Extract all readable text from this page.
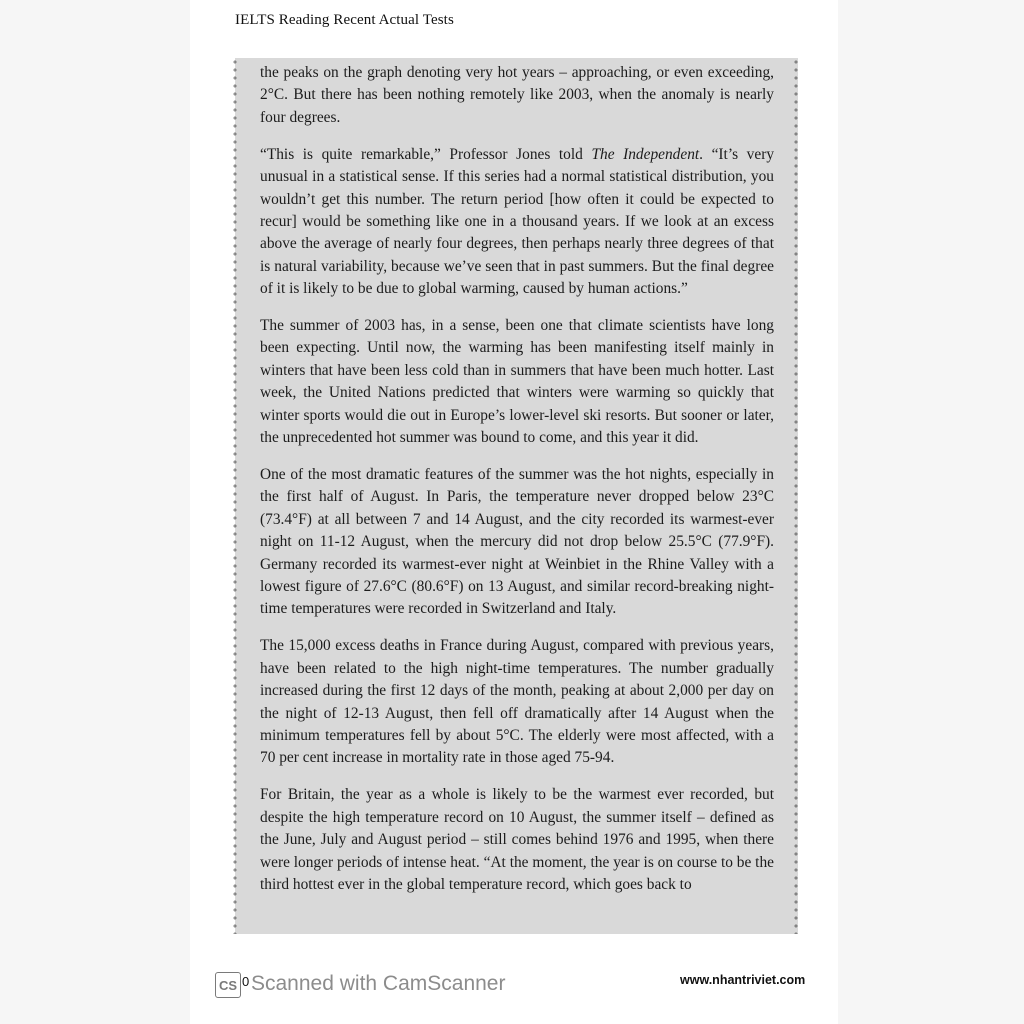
IELTS Reading Recent Actual Tests

the peaks on the graph denoting very hot years – approaching, or even exceeding, 2°C. But there has been nothing remotely like 2003, when the anomaly is nearly four degrees.

“This is quite remarkable,” Professor Jones told The Independent. “It’s very unusual in a statistical sense. If this series had a normal statistical distribution, you wouldn’t get this number. The return period [how often it could be expected to recur] would be something like one in a thousand years. If we look at an excess above the average of nearly four degrees, then perhaps nearly three degrees of that is natural variability, because we’ve seen that in past summers. But the final degree of it is likely to be due to global warming, caused by human actions.”

The summer of 2003 has, in a sense, been one that climate scientists have long been expecting. Until now, the warming has been manifesting itself mainly in winters that have been less cold than in summers that have been much hotter. Last week, the United Nations predicted that winters were warming so quickly that winter sports would die out in Europe’s lower-level ski resorts. But sooner or later, the unprecedented hot summer was bound to come, and this year it did.

One of the most dramatic features of the summer was the hot nights, especially in the first half of August. In Paris, the temperature never dropped below 23°C (73.4°F) at all between 7 and 14 August, and the city recorded its warmest-ever night on 11-12 August, when the mercury did not drop below 25.5°C (77.9°F). Germany recorded its warmest-ever night at Weinbiet in the Rhine Valley with a lowest figure of 27.6°C (80.6°F) on 13 August, and similar record-breaking night-time temperatures were recorded in Switzerland and Italy.

The 15,000 excess deaths in France during August, compared with previous years, have been related to the high night-time temperatures. The number gradually increased during the first 12 days of the month, peaking at about 2,000 per day on the night of 12-13 August, then fell off dramatically after 14 August when the minimum temperatures fell by about 5°C. The elderly were most affected, with a 70 per cent increase in mortality rate in those aged 75-94.

For Britain, the year as a whole is likely to be the warmest ever recorded, but despite the high temperature record on 10 August, the summer itself – defined as the June, July and August period – still comes behind 1976 and 1995, when there were longer periods of intense heat. “At the moment, the year is on course to be the third hottest ever in the global temperature record, which goes back to

CS 0 Scanned with CamScanner	www.nhantriviet.com
